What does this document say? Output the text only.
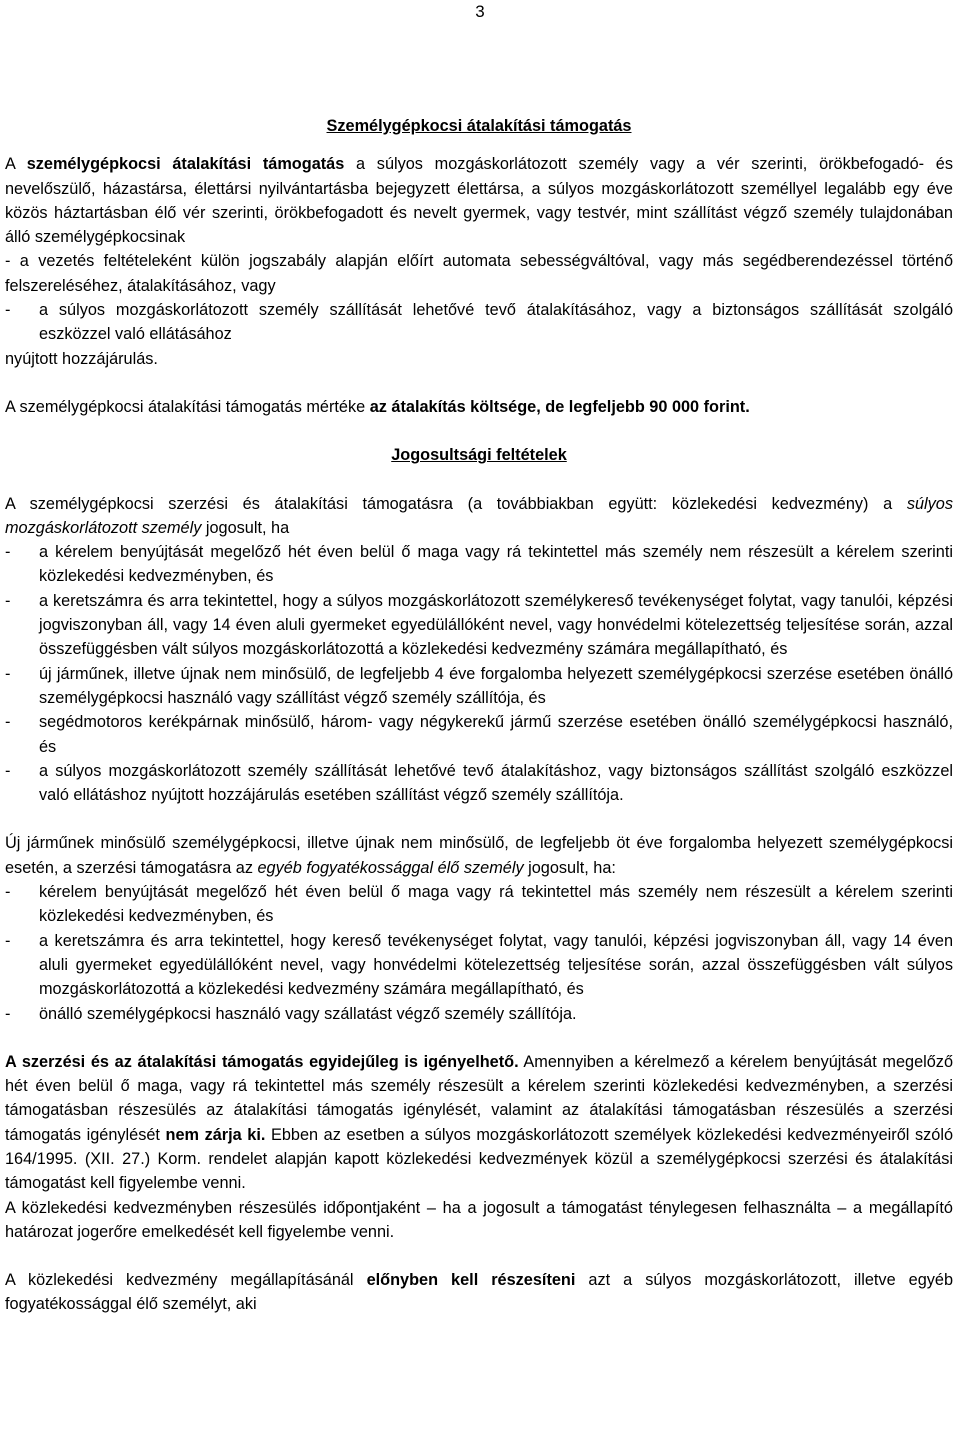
3

Személygépkocsi átalakítási támogatás

A személygépkocsi átalakítási támogatás a súlyos mozgáskorlátozott személy vagy a vér szerinti, örökbefogadó- és nevelőszülő, házastársa, élettársi nyilvántartásba bejegyzett élettársa, a súlyos mozgáskorlátozott személlyel legalább egy éve közös háztartásban élő vér szerinti, örökbefogadott és nevelt gyermek, vagy testvér, mint szállítást végző személy tulajdonában álló személygépkocsinak

- a vezetés feltételeként külön jogszabály alapján előírt automata sebességváltóval, vagy más segédberendezéssel történő felszereléséhez, átalakításához, vagy

-	a súlyos mozgáskorlátozott személy szállítását lehetővé tevő átalakításához, vagy a biztonságos szállítását szolgáló eszközzel való ellátásához

nyújtott hozzájárulás.

A személygépkocsi átalakítási támogatás mértéke az átalakítás költsége, de legfeljebb 90 000 forint.

Jogosultsági feltételek

A személygépkocsi szerzési és átalakítási támogatásra (a továbbiakban együtt: közlekedési kedvezmény) a súlyos mozgáskorlátozott személy jogosult, ha

-	a kérelem benyújtását megelőző hét éven belül ő maga vagy rá tekintettel más személy nem részesült a kérelem szerinti közlekedési kedvezményben, és
-	a keretszámra és arra tekintettel, hogy a súlyos mozgáskorlátozott személykereső tevékenységet folytat, vagy tanulói, képzési jogviszonyban áll, vagy 14 éven aluli gyermeket egyedülállóként nevel, vagy honvédelmi kötelezettség teljesítése során, azzal összefüggésben vált súlyos mozgáskorlátozottá a közlekedési kedvezmény számára megállapítható, és
-	új járműnek, illetve újnak nem minősülő, de legfeljebb 4 éve forgalomba helyezett személygépkocsi szerzése esetében önálló személygépkocsi használó vagy szállítást végző személy szállítója, és
-	segédmotoros kerékpárnak minősülő, három- vagy négykerekű jármű szerzése esetében önálló személygépkocsi használó, és
-	a súlyos mozgáskorlátozott személy szállítását lehetővé tevő átalakításhoz, vagy biztonságos szállítást szolgáló eszközzel való ellátáshoz nyújtott hozzájárulás esetében szállítást végző személy szállítója.

Új járműnek minősülő személygépkocsi, illetve újnak nem minősülő, de legfeljebb öt éve forgalomba helyezett személygépkocsi esetén, a szerzési támogatásra az egyéb fogyatékossággal élő személy jogosult, ha:

-	kérelem benyújtását megelőző hét éven belül ő maga vagy rá tekintettel más személy nem részesült a kérelem szerinti közlekedési kedvezményben, és
-	a keretszámra és arra tekintettel, hogy kereső tevékenységet folytat, vagy tanulói, képzési jogviszonyban áll, vagy 14 éven aluli gyermeket egyedülállóként nevel, vagy honvédelmi kötelezettség teljesítése során, azzal összefüggésben vált súlyos mozgáskorlátozottá a közlekedési kedvezmény számára megállapítható, és
-	önálló személygépkocsi használó vagy szállatást végző személy szállítója.

A szerzési és az átalakítási támogatás egyidejűleg is igényelhető. Amennyiben a kérelmező a kérelem benyújtását megelőző hét éven belül ő maga, vagy rá tekintettel más személy részesült a kérelem szerinti közlekedési kedvezményben, a szerzési támogatásban részesülés az átalakítási támogatás igénylését, valamint az átalakítási támogatásban részesülés a szerzési támogatás igénylését nem zárja ki. Ebben az esetben a súlyos mozgáskorlátozott személyek közlekedési kedvezményeiről szóló 164/1995. (XII. 27.) Korm. rendelet alapján kapott közlekedési kedvezmények közül a személygépkocsi szerzési és átalakítási támogatást kell figyelembe venni.

A közlekedési kedvezményben részesülés időpontjaként – ha a jogosult a támogatást ténylegesen felhasználta – a megállapító határozat jogerőre emelkedését kell figyelembe venni.

A közlekedési kedvezmény megállapításánál előnyben kell részesíteni azt a súlyos mozgáskorlátozott, illetve egyéb fogyatékossággal élő személyt, aki
